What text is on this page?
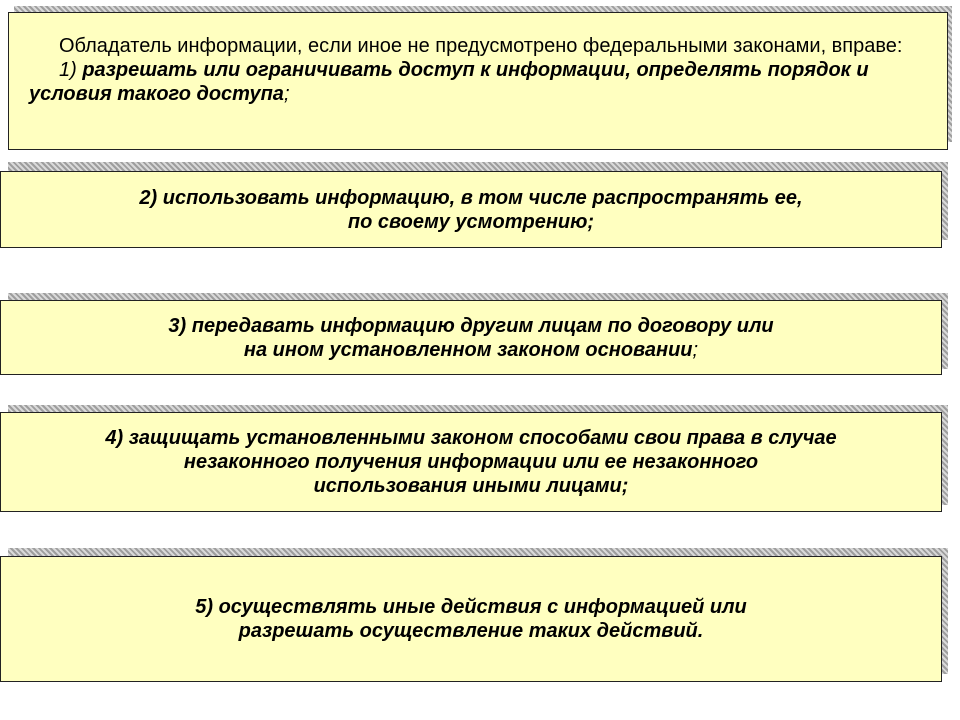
Обладатель информации, если иное не предусмотрено федеральными законами, вправе:
1) разрешать или ограничивать доступ к информации, определять порядок и условия такого доступа;
2) использовать информацию, в том числе распространять ее,
по своему усмотрению;
3) передавать информацию другим лицам по договору или
на ином установленном законом основании;
4) защищать установленными законом способами свои права в случае
незаконного получения информации или ее незаконного
использования иными лицами;
5) осуществлять иные действия с информацией или
разрешать осуществление таких действий.
